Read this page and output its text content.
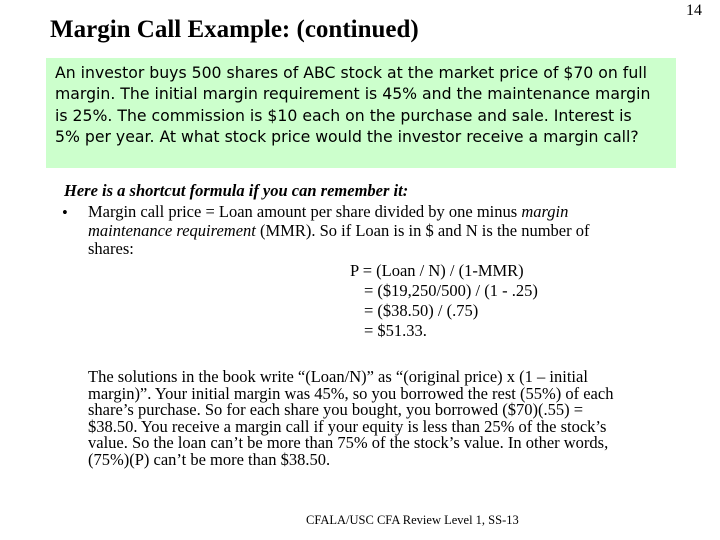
14
Margin Call Example: (continued)
An investor buys 500 shares of ABC stock at the market price of $70 on full
margin. The initial margin requirement is 45% and the maintenance margin
is 25%. The commission is $10 each on the purchase and sale. Interest is
5% per year. At what stock price would the investor receive a margin call?
Here is a shortcut formula if you can remember it:
• Margin call price = Loan amount per share divided by one minus margin
maintenance requirement (MMR). So if Loan is in $ and N is the number of
shares:
P = (Loan / N) / (1-MMR)
= ($19,250/500) / (1 - .25)
= ($38.50) / (.75)
= $51.33.
The solutions in the book write “(Loan/N)” as “(original price) x (1 – initial
margin)”. Your initial margin was 45%, so you borrowed the rest (55%) of each
share’s purchase. So for each share you bought, you borrowed ($70)(.55) =
$38.50. You receive a margin call if your equity is less than 25% of the stock’s
value. So the loan can’t be more than 75% of the stock’s value. In other words,
(75%)(P) can’t be more than $38.50.
CFALA/USC CFA Review Level 1, SS-13
